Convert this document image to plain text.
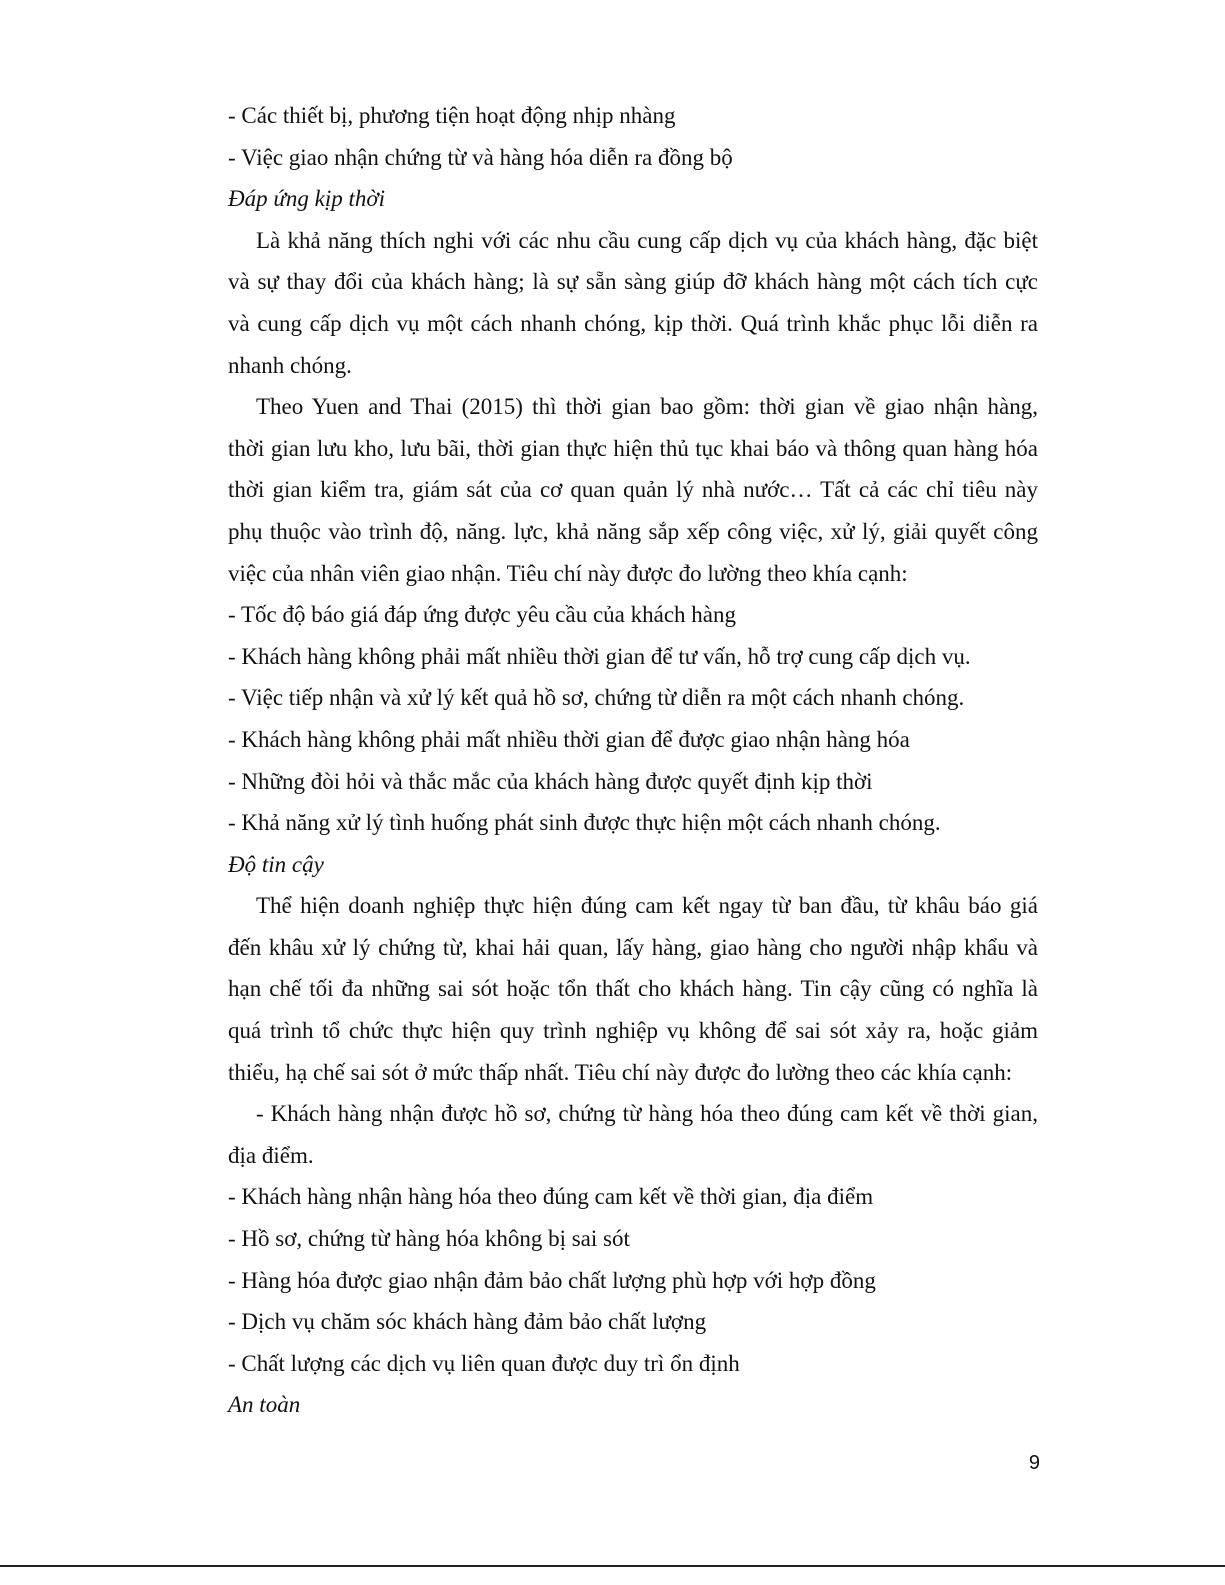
- Các thiết bị, phương tiện hoạt động nhịp nhàng

- Việc giao nhận chứng từ và hàng hóa diễn ra đồng bộ

Đáp ứng kịp thời

Là khả năng thích nghi với các nhu cầu cung cấp dịch vụ của khách hàng, đặc biệt
và sự thay đổi của khách hàng; là sự sẵn sàng giúp đỡ khách hàng một cách tích cực
và cung cấp dịch vụ một cách nhanh chóng, kịp thời. Quá trình khắc phục lỗi diễn ra
nhanh chóng.
Theo Yuen and Thai (2015) thì thời gian bao gồm: thời gian về giao nhận hàng,
thời gian lưu kho, lưu bãi, thời gian thực hiện thủ tục khai báo và thông quan hàng hóa
thời gian kiểm tra, giám sát của cơ quan quản lý nhà nước… Tất cả các chỉ tiêu này
phụ thuộc vào trình độ, năng. lực, khả năng sắp xếp công việc, xử lý, giải quyết công
việc của nhân viên giao nhận. Tiêu chí này được đo lường theo khía cạnh:

- Tốc độ báo giá đáp ứng được yêu cầu của khách hàng

- Khách hàng không phải mất nhiều thời gian để tư vấn, hỗ trợ cung cấp dịch vụ.

- Việc tiếp nhận và xử lý kết quả hồ sơ, chứng từ diễn ra một cách nhanh chóng.

- Khách hàng không phải mất nhiều thời gian để được giao nhận hàng hóa

- Những đòi hỏi và thắc mắc của khách hàng được quyết định kịp thời

- Khả năng xử lý tình huống phát sinh được thực hiện một cách nhanh chóng.

Độ tin cậy

Thể hiện doanh nghiệp thực hiện đúng cam kết ngay từ ban đầu, từ khâu báo giá
đến khâu xử lý chứng từ, khai hải quan, lấy hàng, giao hàng cho người nhập khẩu và
hạn chế tối đa những sai sót hoặc tổn thất cho khách hàng. Tin cậy cũng có nghĩa là
quá trình tổ chức thực hiện quy trình nghiệp vụ không để sai sót xảy ra, hoặc giảm
thiểu, hạ chế sai sót ở mức thấp nhất. Tiêu chí này được đo lường theo các khía cạnh:
- Khách hàng nhận được hồ sơ, chứng từ hàng hóa theo đúng cam kết về thời gian,
địa điểm.

- Khách hàng nhận hàng hóa theo đúng cam kết về thời gian, địa điểm

- Hồ sơ, chứng từ hàng hóa không bị sai sót

- Hàng hóa được giao nhận đảm bảo chất lượng phù hợp với hợp đồng

- Dịch vụ chăm sóc khách hàng đảm bảo chất lượng

- Chất lượng các dịch vụ liên quan được duy trì ổn định

An toàn

9
